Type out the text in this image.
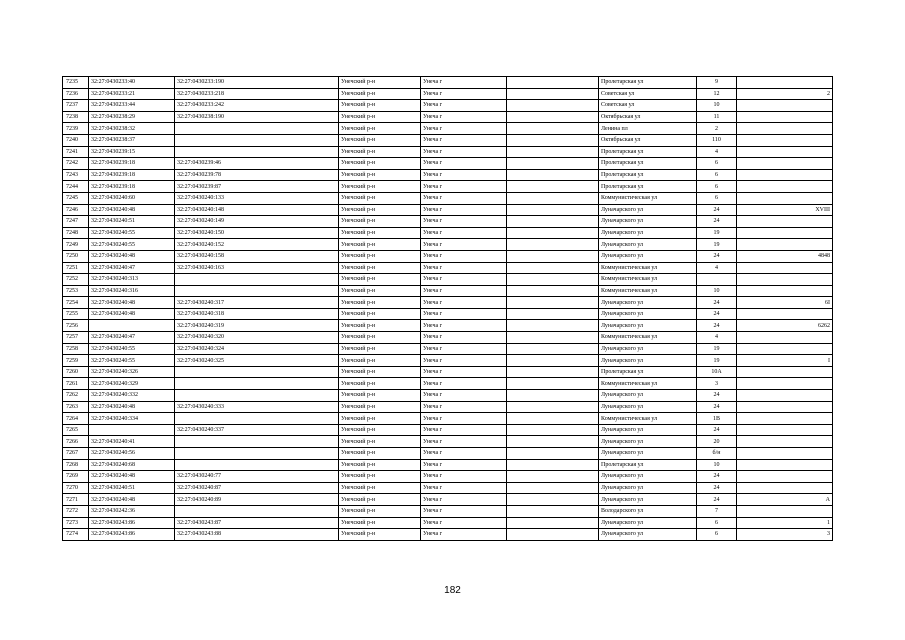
7235	32:27:0430233:40	32:27:0430233:190	Унечский р-н	Унеча г		Пролетарская ул	9	
7236	32:27:0430233:21	32:27:0430233:218	Унечский р-н	Унеча г		Советская ул	12	2
7237	32:27:0430233:44	32:27:0430233:242	Унечский р-н	Унеча г		Советская ул	10	
7238	32:27:0430238:29	32:27:0430238:190	Унечский р-н	Унеча г		Октябрьская ул	11	
7239	32:27:0430238:32		Унечский р-н	Унеча г		Ленина пл	2	
7240	32:27:0430238:37		Унечский р-н	Унеча г		Октябрьская ул	110	
7241	32:27:0430239:15		Унечский р-н	Унеча г		Пролетарская ул	4	
7242	32:27:0430239:18	32:27:0430239:46	Унечский р-н	Унеча г		Пролетарская ул	6	
7243	32:27:0430239:18	32:27:0430239:78	Унечский р-н	Унеча г		Пролетарская ул	6	
7244	32:27:0430239:18	32:27:0430239:87	Унечский р-н	Унеча г		Пролетарская ул	6	
7245	32:27:0430240:60	32:27:0430240:133	Унечский р-н	Унеча г		Коммунистическая ул	6	
7246	32:27:0430240:48	32:27:0430240:148	Унечский р-н	Унеча г		Луначарского ул	24	XVIII
7247	32:27:0430240:51	32:27:0430240:149	Унечский р-н	Унеча г		Луначарского ул	24	
7248	32:27:0430240:55	32:27:0430240:150	Унечский р-н	Унеча г		Луначарского ул	19	
7249	32:27:0430240:55	32:27:0430240:152	Унечский р-н	Унеча г		Луначарского ул	19	
7250	32:27:0430240:48	32:27:0430240:158	Унечский р-н	Унеча г		Луначарского ул	24	4848
7251	32:27:0430240:47	32:27:0430240:163	Унечский р-н	Унеча г		Коммунистическая ул	4	
7252	32:27:0430240:313		Унечский р-н	Унеча г		Коммунистическая ул		
7253	32:27:0430240:316		Унечский р-н	Унеча г		Коммунистическая ул	10	
7254	32:27:0430240:48	32:27:0430240:317	Унечский р-н	Унеча г		Луначарского ул	24	6І
7255	32:27:0430240:48	32:27:0430240:318	Унечский р-н	Унеча г		Луначарского ул	24	
7256		32:27:0430240:319	Унечский р-н	Унеча г		Луначарского ул	24	6262
7257	32:27:0430240:47	32:27:0430240:320	Унечский р-н	Унеча г		Коммунистическая ул	4	
7258	32:27:0430240:55	32:27:0430240:324	Унечский р-н	Унеча г		Луначарского ул	19	
7259	32:27:0430240:55	32:27:0430240:325	Унечский р-н	Унеча г		Луначарского ул	19	I
7260	32:27:0430240:326		Унечский р-н	Унеча г		Пролетарская ул	10А	
7261	32:27:0430240:329		Унечский р-н	Унеча г		Коммунистическая ул	3	
7262	32:27:0430240:332		Унечский р-н	Унеча г		Луначарского ул	24	
7263	32:27:0430240:48	32:27:0430240:333	Унечский р-н	Унеча г		Луначарского ул	24	
7264	32:27:0430240:334		Унечский р-н	Унеча г		Коммунистическая ул	1В	
7265		32:27:0430240:337	Унечский р-н	Унеча г		Луначарского ул	24	
7266	32:27:0430240:41		Унечский р-н	Унеча г		Луначарского ул	20	
7267	32:27:0430240:56		Унечский р-н	Унеча г		Луначарского ул	б/н	
7268	32:27:0430240:68		Унечский р-н	Унеча г		Пролетарская ул	10	
7269	32:27:0430240:48	32:27:0430240:77	Унечский р-н	Унеча г		Луначарского ул	24	
7270	32:27:0430240:51	32:27:0430240:87	Унечский р-н	Унеча г		Луначарского ул	24	
7271	32:27:0430240:48	32:27:0430240:89	Унечский р-н	Унеча г		Луначарского ул	24	А
7272	32:27:0430242:36		Унечский р-н	Унеча г		Володарского ул	7	
7273	32:27:0430243:86	32:27:0430243:87	Унечский р-н	Унеча г		Луначарского ул	6	1
7274	32:27:0430243:86	32:27:0430243:88	Унечский р-н	Унеча г		Луначарского ул	6	3
182
